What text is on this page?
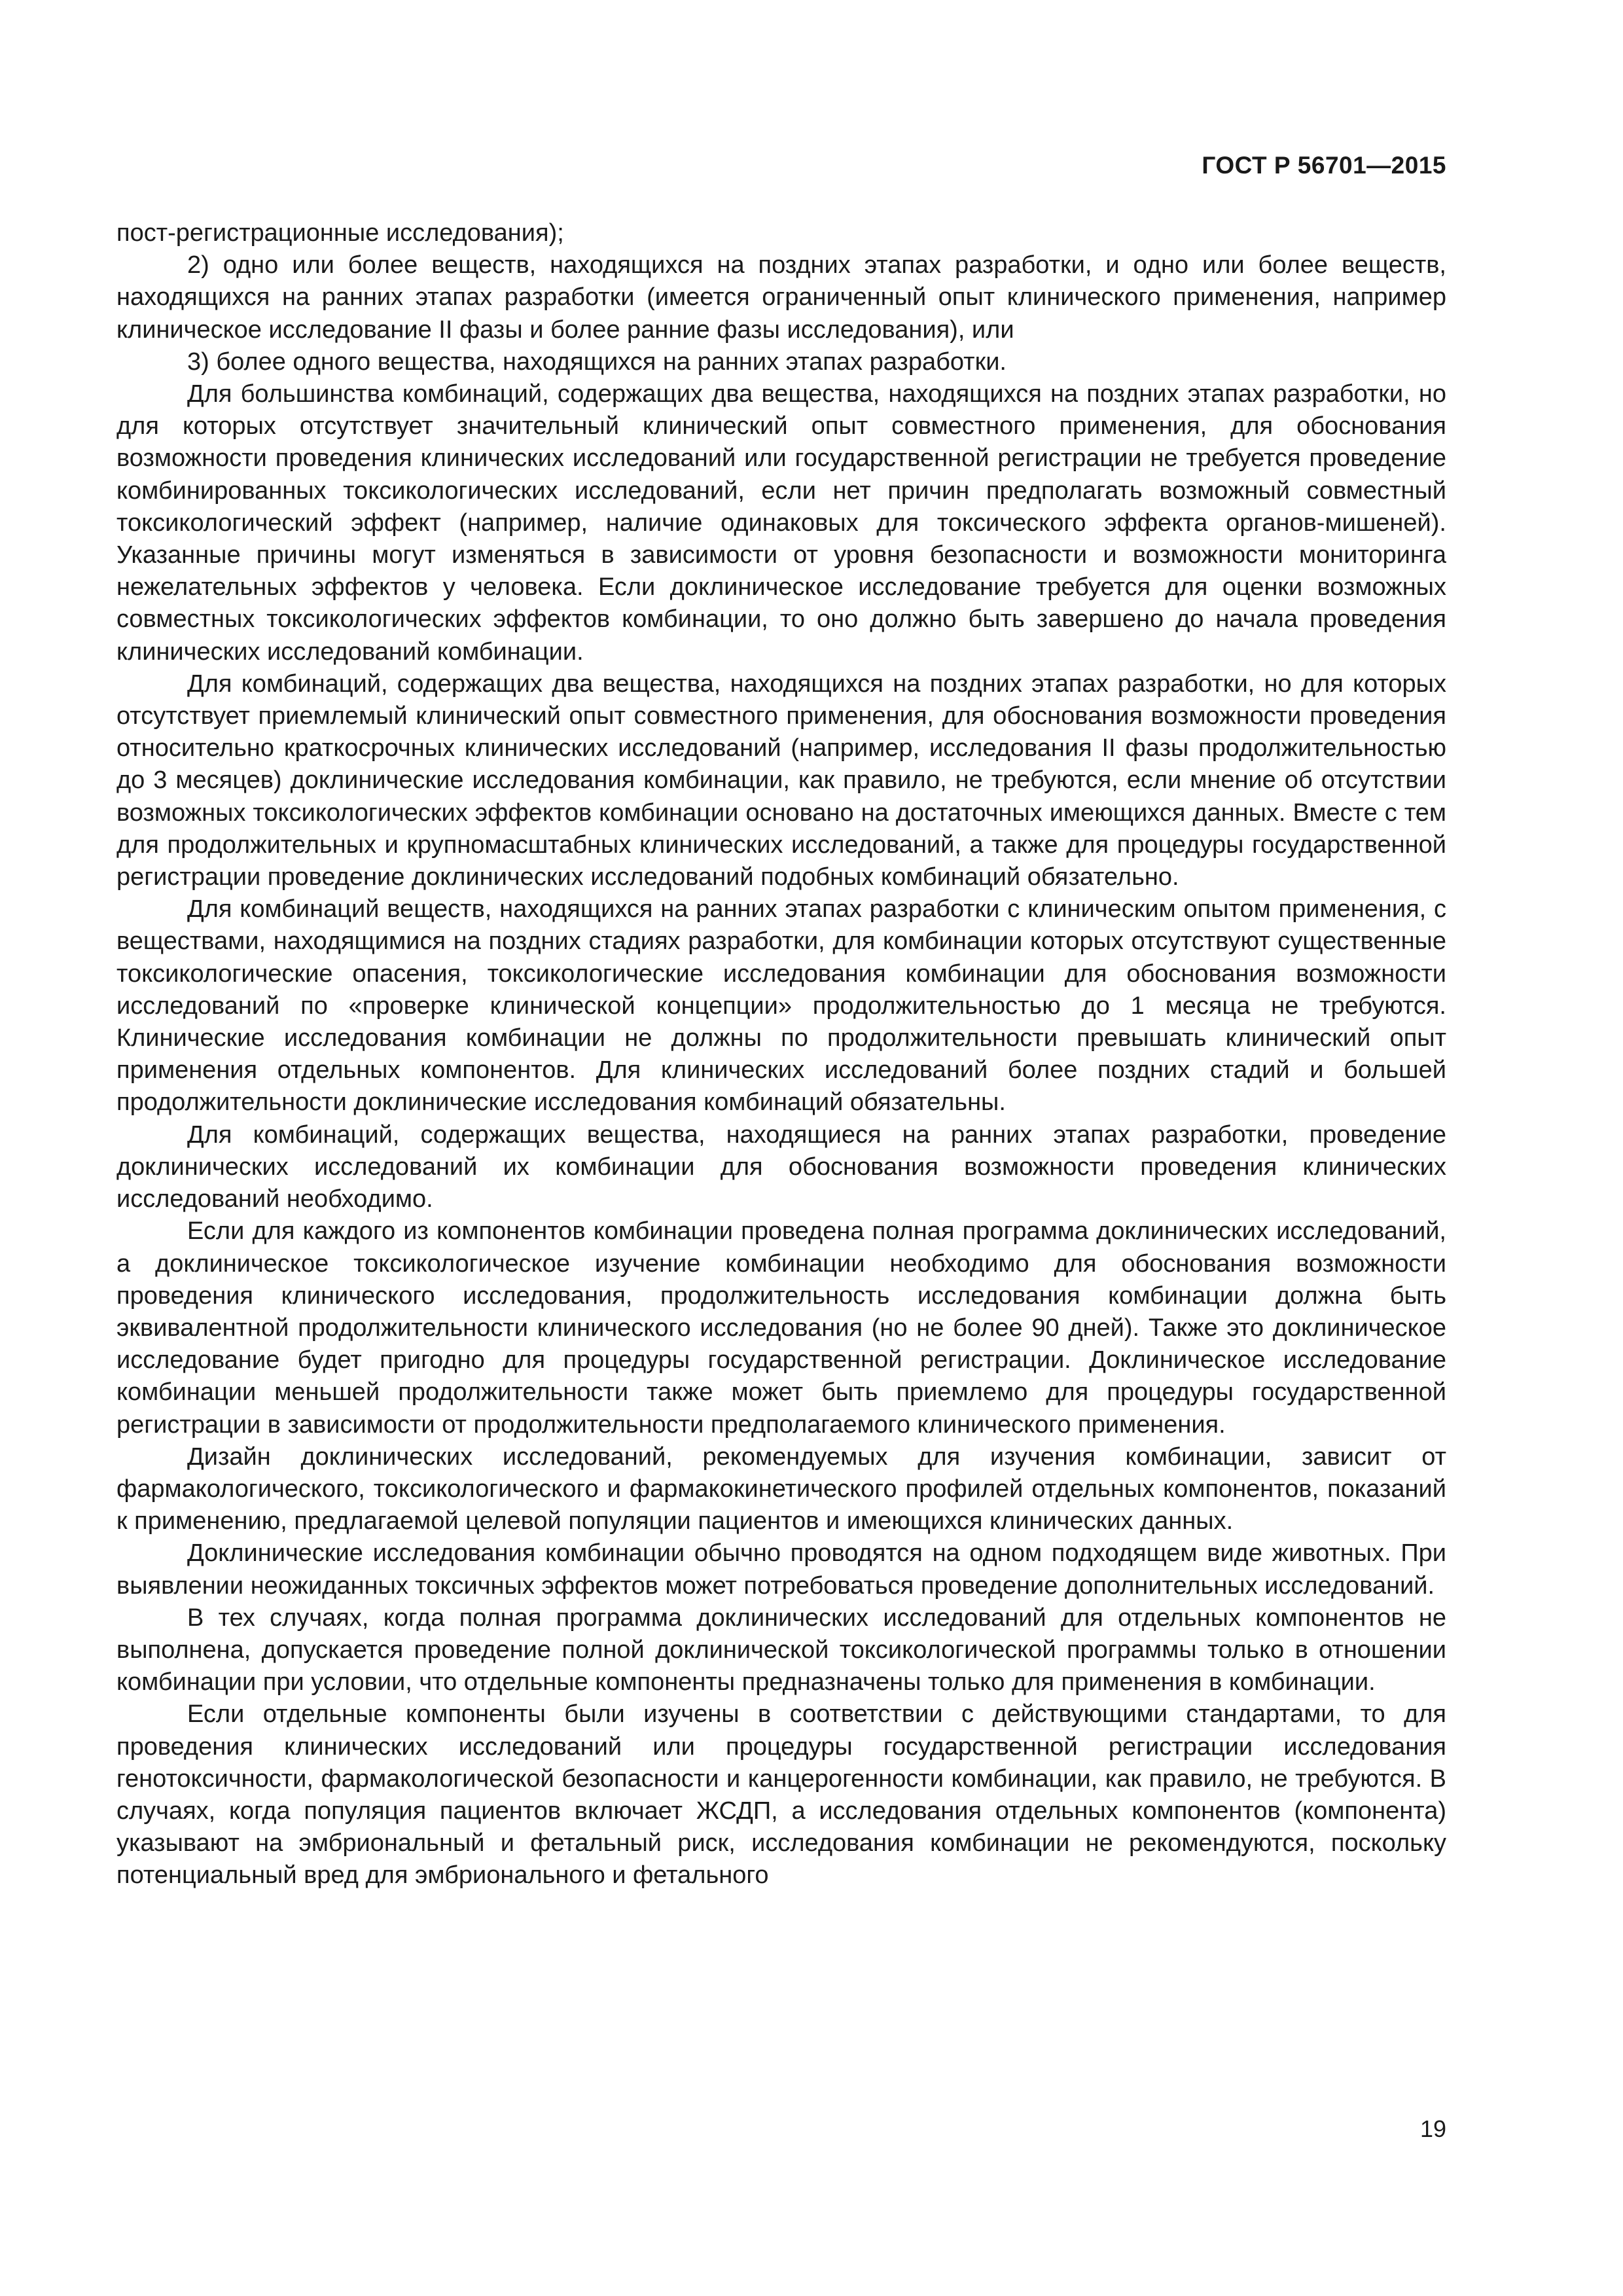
ГОСТ Р 56701—2015

пост-регистрационные исследования);

2) одно или более веществ, находящихся на поздних этапах разработки, и одно или более веществ, находящихся на ранних этапах разработки (имеется ограниченный опыт клинического применения, например клиническое исследование II фазы и более ранние фазы исследования), или

3) более одного вещества, находящихся на ранних этапах разработки.

Для большинства комбинаций, содержащих два вещества, находящихся на поздних этапах разработки, но для которых отсутствует значительный клинический опыт совместного применения, для обоснования возможности проведения клинических исследований или государственной регистрации не требуется проведение комбинированных токсикологических исследований, если нет причин предполагать возможный совместный токсикологический эффект (например, наличие одинаковых для токсического эффекта органов-мишеней). Указанные причины могут изменяться в зависимости от уровня безопасности и возможности мониторинга нежелательных эффектов у человека. Если доклиническое исследование требуется для оценки возможных совместных токсикологических эффектов комбинации, то оно должно быть завершено до начала проведения клинических исследований комбинации.

Для комбинаций, содержащих два вещества, находящихся на поздних этапах разработки, но для которых отсутствует приемлемый клинический опыт совместного применения, для обоснования возможности проведения относительно краткосрочных клинических исследований (например, исследования II фазы продолжительностью до 3 месяцев) доклинические исследования комбинации, как правило, не требуются, если мнение об отсутствии возможных токсикологических эффектов комбинации основано на достаточных имеющихся данных. Вместе с тем для продолжительных и крупномасштабных клинических исследований, а также для процедуры государственной регистрации проведение доклинических исследований подобных комбинаций обязательно.

Для комбинаций веществ, находящихся на ранних этапах разработки с клиническим опытом применения, с веществами, находящимися на поздних стадиях разработки, для комбинации которых отсутствуют существенные токсикологические опасения, токсикологические исследования комбинации для обоснования возможности исследований по «проверке клинической концепции» продолжительностью до 1 месяца не требуются. Клинические исследования комбинации не должны по продолжительности превышать клинический опыт применения отдельных компонентов. Для клинических исследований более поздних стадий и большей продолжительности доклинические исследования комбинаций обязательны.

Для комбинаций, содержащих вещества, находящиеся на ранних этапах разработки, проведение доклинических исследований их комбинации для обоснования возможности проведения клинических исследований необходимо.

Если для каждого из компонентов комбинации проведена полная программа доклинических исследований, а доклиническое токсикологическое изучение комбинации необходимо для обоснования возможности проведения клинического исследования, продолжительность исследования комбинации должна быть эквивалентной продолжительности клинического исследования (но не более 90 дней). Также это доклиническое исследование будет пригодно для процедуры государственной регистрации. Доклиническое исследование комбинации меньшей продолжительности также может быть приемлемо для процедуры государственной регистрации в зависимости от продолжительности предполагаемого клинического применения.

Дизайн доклинических исследований, рекомендуемых для изучения комбинации, зависит от фармакологического, токсикологического и фармакокинетического профилей отдельных компонентов, показаний к применению, предлагаемой целевой популяции пациентов и имеющихся клинических данных.

Доклинические исследования комбинации обычно проводятся на одном подходящем виде животных. При выявлении неожиданных токсичных эффектов может потребоваться проведение дополнительных исследований.

В тех случаях, когда полная программа доклинических исследований для отдельных компонентов не выполнена, допускается проведение полной доклинической токсикологической программы только в отношении комбинации при условии, что отдельные компоненты предназначены только для применения в комбинации.

Если отдельные компоненты были изучены в соответствии с действующими стандартами, то для проведения клинических исследований или процедуры государственной регистрации исследования генотоксичности, фармакологической безопасности и канцерогенности комбинации, как правило, не требуются. В случаях, когда популяция пациентов включает ЖСДП, а исследования отдельных компонентов (компонента) указывают на эмбриональный и фетальный риск, исследования комбинации не рекомендуются, поскольку потенциальный вред для эмбрионального и фетального

19
